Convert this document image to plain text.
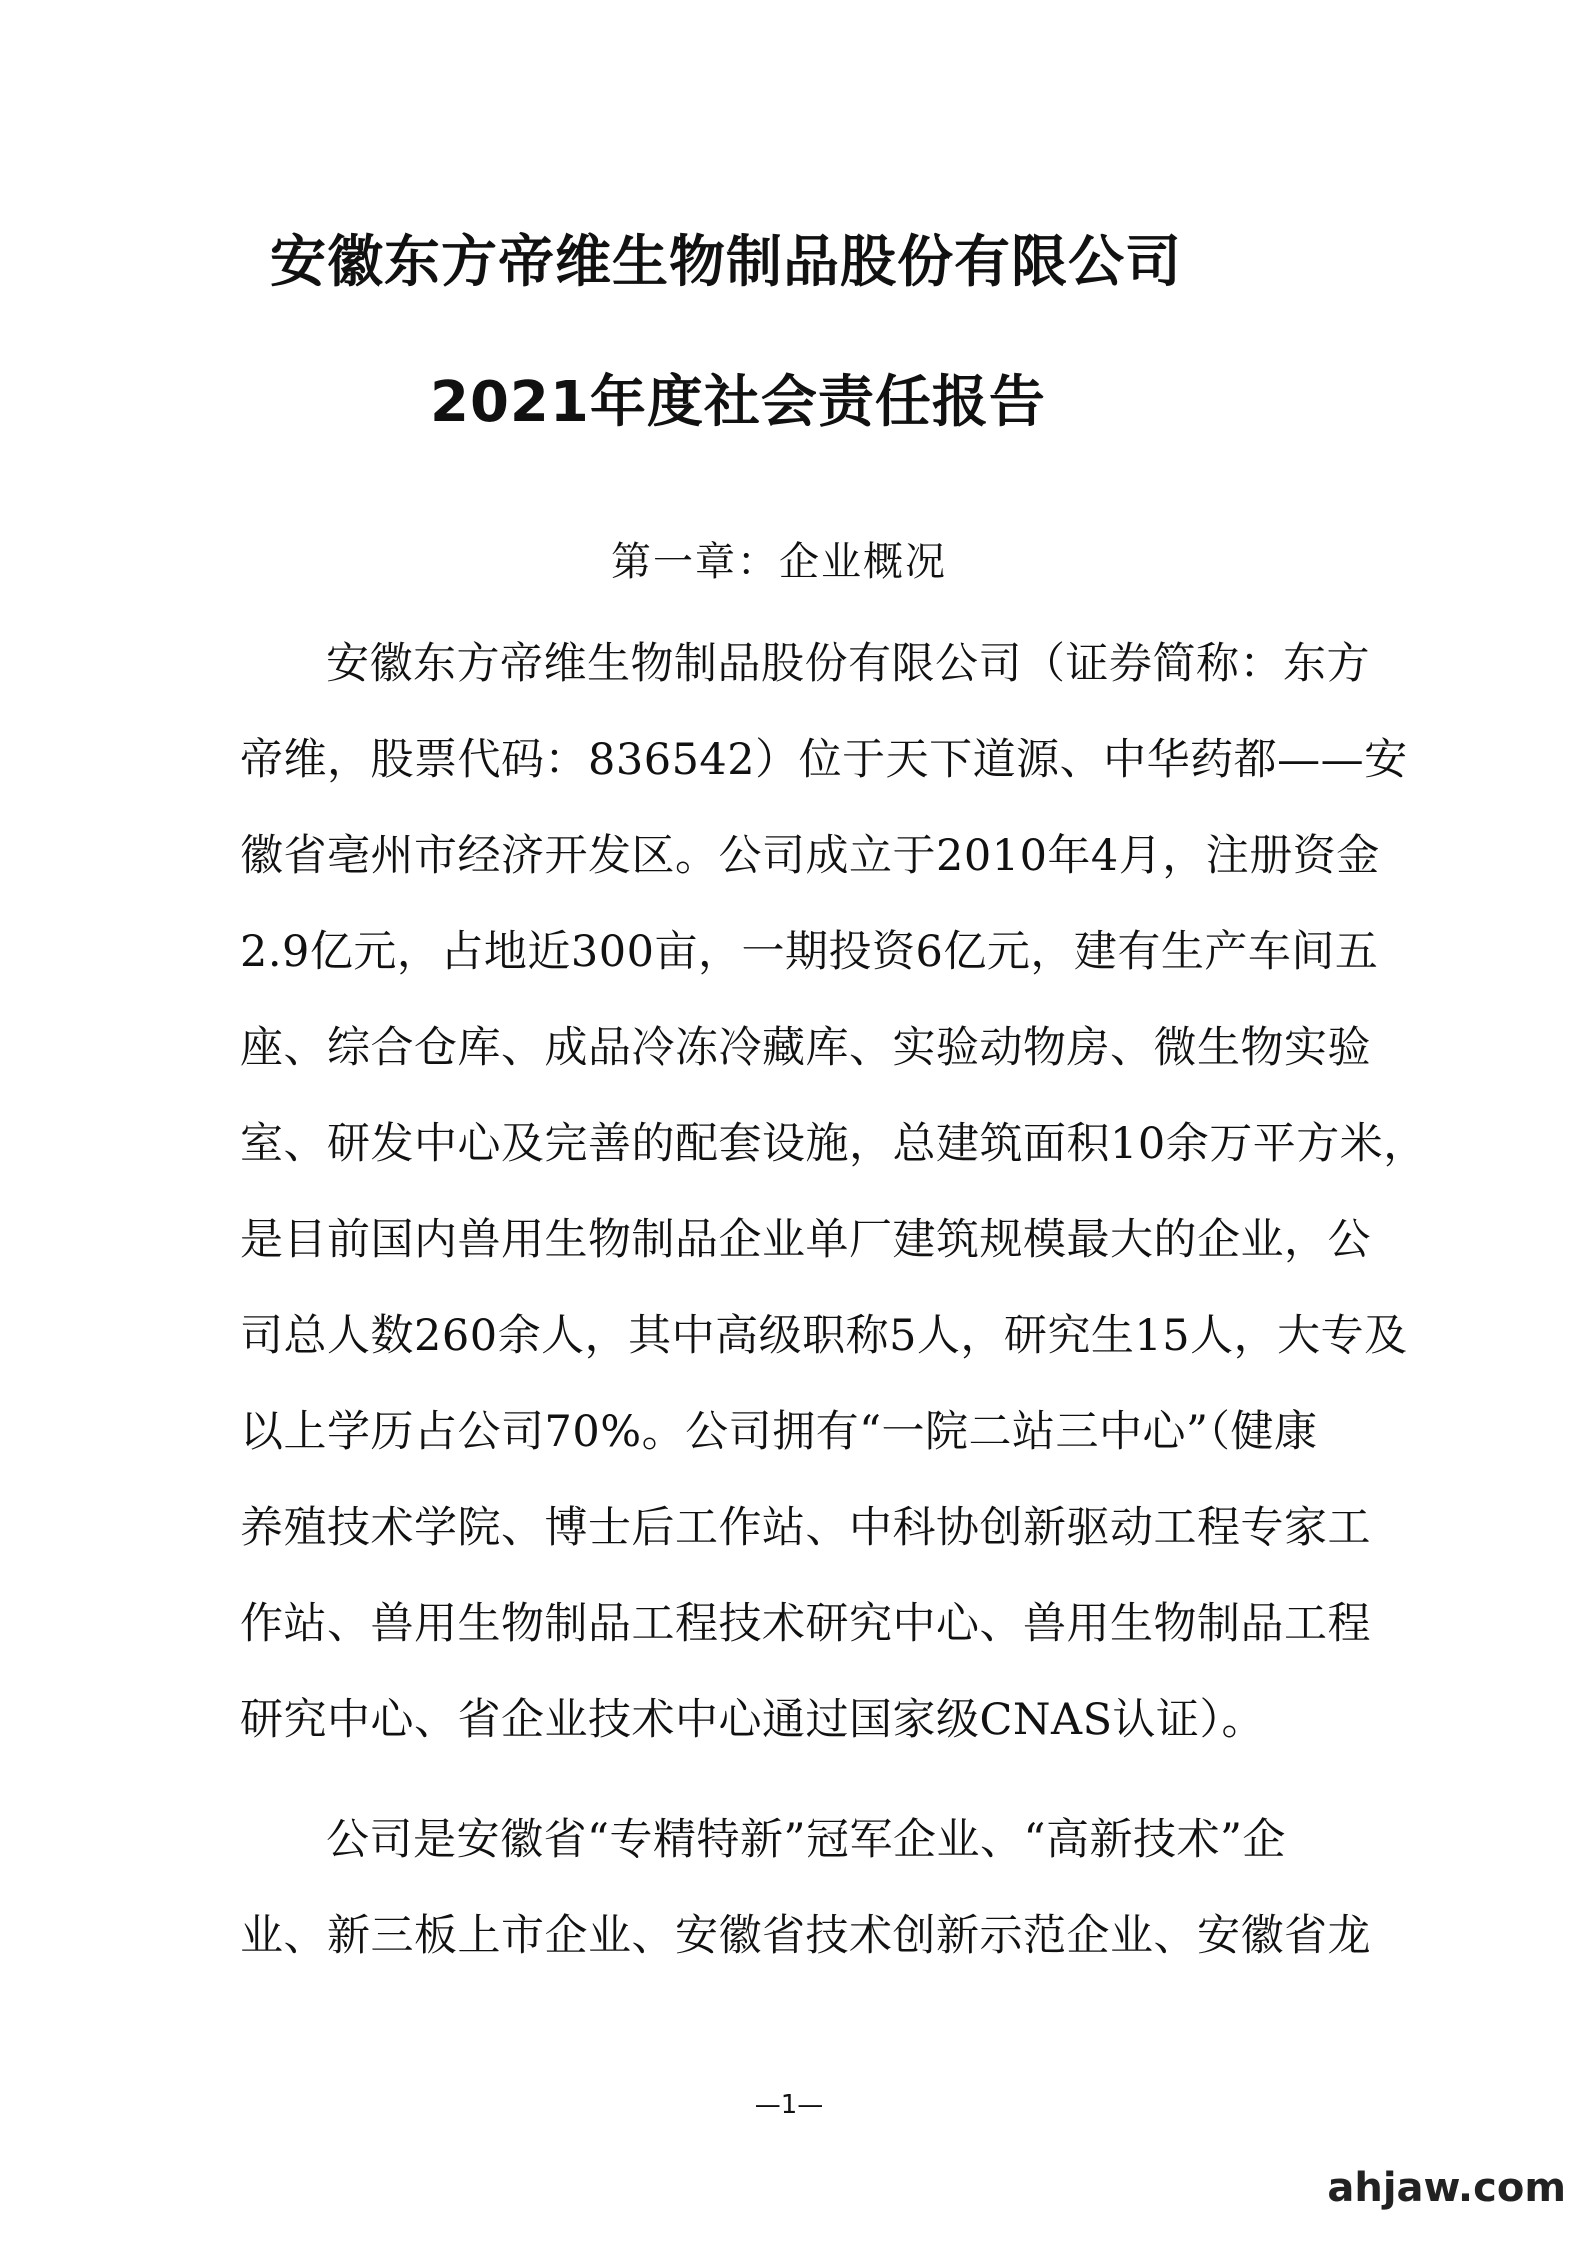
安徽东方帝维生物制品股份有限公司
2021年度社会责任报告
第一章：企业概况
安徽东方帝维生物制品股份有限公司（证券简称：东方
帝维，股票代码：836542）位于天下道源、中华药都——安
徽省亳州市经济开发区。公司成立于2010年4月，注册资金
2.9亿元，占地近300亩，一期投资6亿元，建有生产车间五
座、综合仓库、成品冷冻冷藏库、实验动物房、微生物实验
室、研发中心及完善的配套设施，总建筑面积10余万平方米，
是目前国内兽用生物制品企业单厂建筑规模最大的企业，公
司总人数260余人，其中高级职称5人，研究生15人，大专及
以上学历占公司70%。公司拥有“一院二站三中心”（健康
养殖技术学院、博士后工作站、中科协创新驱动工程专家工
作站、兽用生物制品工程技术研究中心、兽用生物制品工程
研究中心、省企业技术中心通过国家级CNAS认证）。
公司是安徽省“专精特新”冠军企业、“高新技术”企
业、新三板上市企业、安徽省技术创新示范企业、安徽省龙
—1—
ahjaw.com
